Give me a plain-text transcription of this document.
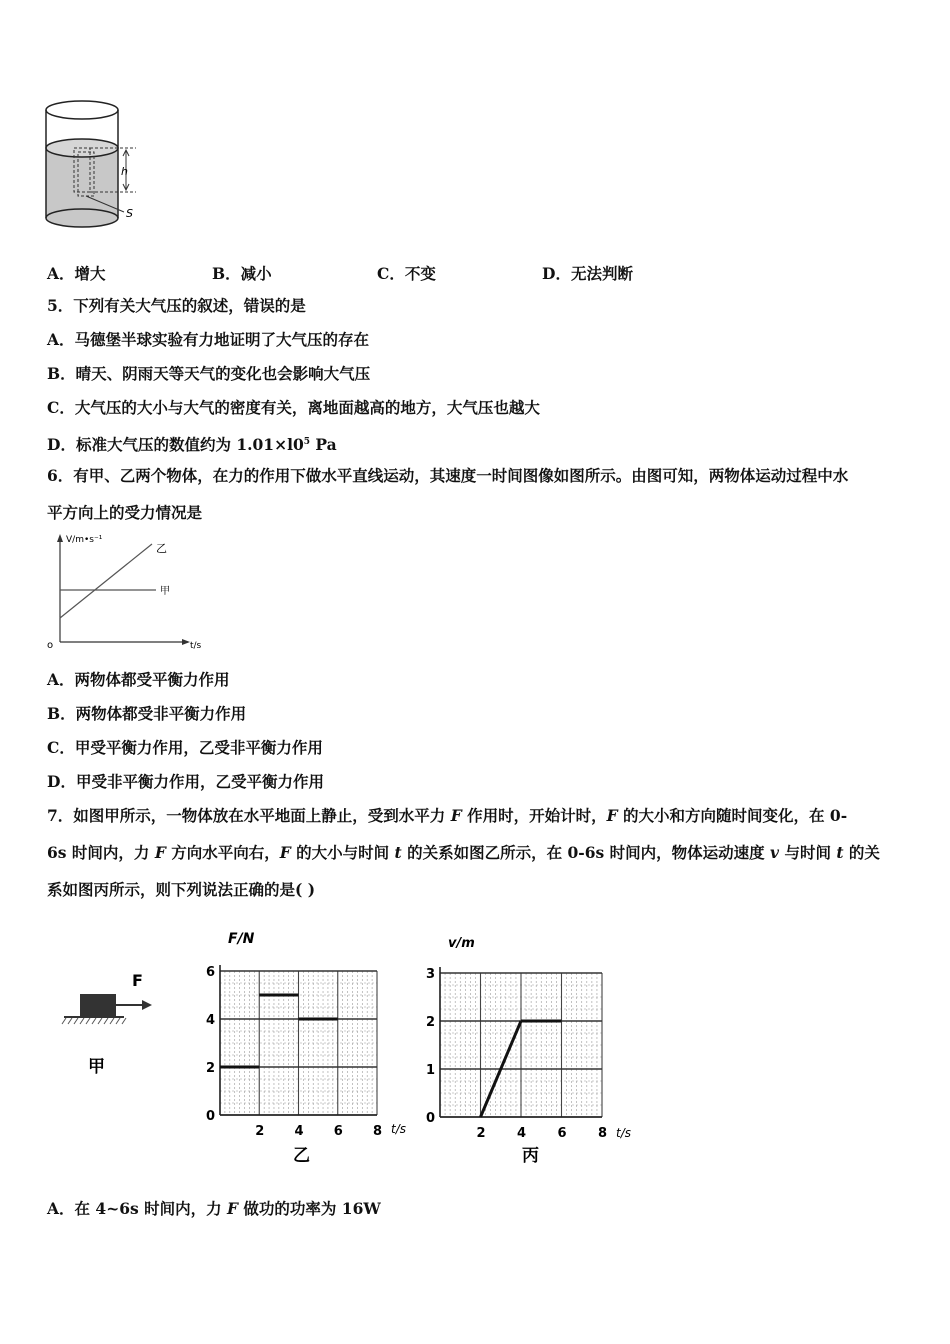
h
S
A．增大	B．减小	C．不变	D．无法判断
5．下列有关大气压的叙述，错误的是
A．马德堡半球实验有力地证明了大气压的存在
B．晴天、阴雨天等天气的变化也会影响大气压
C．大气压的大小与大气的密度有关，离地面越高的地方，大气压也越大
D．标准大气压的数值约为 $1.01\times l0^5$ Pa
6．有甲、乙两个物体，在力的作用下做水平直线运动，其速度一时间图像如图所示。由图可知，两物体运动过程中水
平方向上的受力情况是
V/m•s⁻¹
乙
甲
o	t/s
A．两物体都受平衡力作用
B．两物体都受非平衡力作用
C．甲受平衡力作用，乙受非平衡力作用
D．甲受非平衡力作用，乙受平衡力作用
7．如图甲所示，一物体放在水平地面上静止，受到水平力 F 作用时，开始计时，F 的大小和方向随时间变化，在 0-
6s 时间内，力 F 方向水平向右，F 的大小与时间 t 的关系如图乙所示，在 0-6s 时间内，物体运动速度 v 与时间 t 的关
系如图丙所示，则下列说法正确的是( )
F
甲
F/N
t/s
乙
0
2
4
6
2 4 6 8
v/m
t/s
丙
0
1
2
3
2 4 6 8
A．在 4~6s 时间内，力 F 做功的功率为 16W
